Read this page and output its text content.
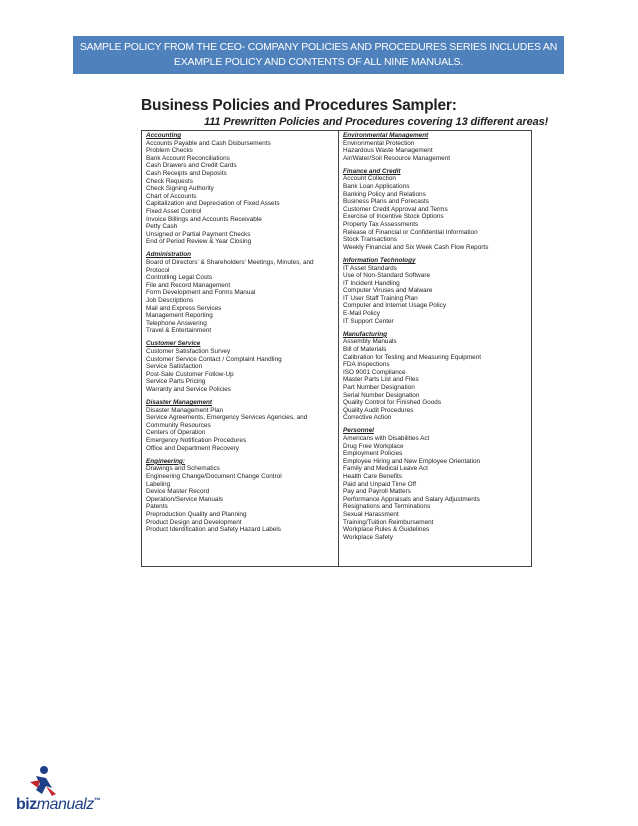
SAMPLE POLICY FROM THE CEO- COMPANY POLICIES AND PROCEDURES SERIES INCLUDES AN
EXAMPLE POLICY AND CONTENTS OF ALL NINE MANUALS.
Business Policies and Procedures Sampler:
111 Prewritten Policies and Procedures covering 13 different areas!
Accounting
Accounts Payable and Cash Disbursements
Problem Checks
Bank Account Reconciliations
Cash Drawers and Credit Cards
Cash Receipts and Deposits
Check Requests
Check Signing Authority
Chart of Accounts
Capitalization and Depreciation of Fixed Assets
Fixed Asset Control
Invoice Billings and Accounts Receivable
Petty Cash
Unsigned or Partial Payment Checks
End of Period Review & Year Closing
Administration
Board of Directors' & Shareholders' Meetings, Minutes, and
Protocol
Controlling Legal Costs
File and Record Management
Form Development and Forms Manual
Job Descriptions
Mail and Express Services
Management Reporting
Telephone Answering
Travel & Entertainment
Customer Service
Customer Satisfaction Survey
Customer Service Contact / Complaint Handling
Service Satisfaction
Post-Sale Customer Follow-Up
Service Parts Pricing
Warranty and Service Policies
Disaster Management
Disaster Management Plan
Service Agreements, Emergency Services Agencies, and
Community Resources
Centers of Operation
Emergency Notification Procedures
Office and Department Recovery
Engineering:
Drawings and Schematics
Engineering Change/Document Change Control
Labeling
Device Master Record
Operation/Service Manuals
Patents
Preproduction Quality and Planning
Product Design and Development
Product Identification and Safety Hazard Labels
Environmental Management
Environmental Protection
Hazardous Waste Management
Air/Water/Soil Resource Management
Finance and Credit
Account Collection
Bank Loan Applications
Banking Policy and Relations
Business Plans and Forecasts
Customer Credit Approval and Terms
Exercise of Incentive Stock Options
Property Tax Assessments
Release of Financial or Confidential Information
Stock Transactions
Weekly Financial and Six Week Cash Flow Reports
Information Technology
IT Asset Standards
Use of Non-Standard Software
IT Incident Handling
Computer Viruses and Malware
IT User Staff Training Plan
Computer and Internet Usage Policy
E-Mail Policy
IT Support Center
Manufacturing
Assembly Manuals
Bill of Materials
Calibration for Testing and Measuring Equipment
FDA Inspections
ISO 9001 Compliance
Master Parts List and Files
Part Number Designation
Serial Number Designation
Quality Control for Finished Goods
Quality Audit Procedures
Corrective Action
Personnel
Americans with Disabilities Act
Drug Free Workplace
Employment Policies
Employee Hiring and New Employee Orientation
Family and Medical Leave Act
Health Care Benefits
Paid and Unpaid Time Off
Pay and Payroll Matters
Performance Appraisals and Salary Adjustments
Resignations and Terminations
Sexual Harassment
Training/Tuition Reimbursement
Workplace Rules & Guidelines
Workplace Safety
bizmanualz™
